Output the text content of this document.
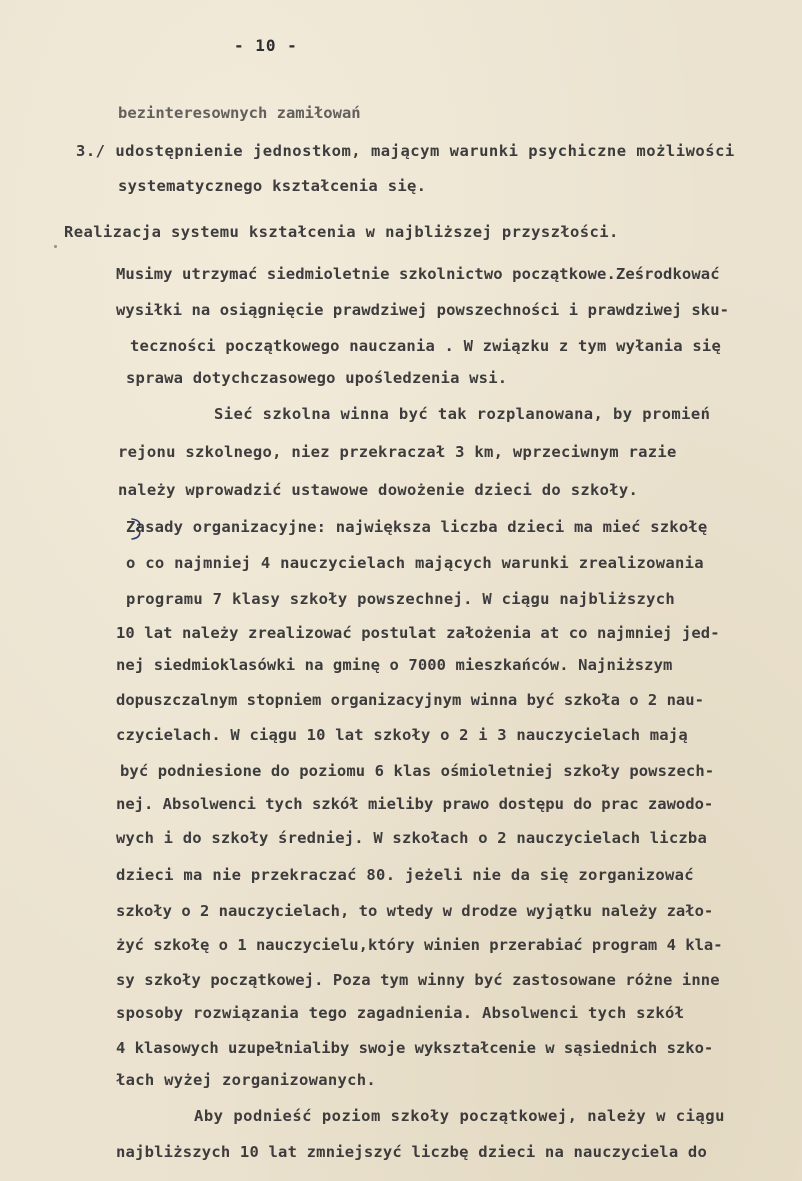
- 10 -
bezinteresownych zamiłowań
3./ udostępnienie jednostkom, mającym warunki psychiczne możliwości
systematycznego kształcenia się.
Realizacja systemu kształcenia w najbliższej przyszłości.
Musimy utrzymać siedmioletnie szkolnictwo początkowe.Ześrodkować
wysiłki na osiągnięcie prawdziwej powszechności i prawdziwej sku-
teczności początkowego nauczania . W związku z tym wyłania się
sprawa dotychczasowego upośledzenia wsi.
Sieć szkolna winna być tak rozplanowana, by promień
rejonu szkolnego, niez przekraczał 3 km, wprzeciwnym razie
należy wprowadzić ustawowe dowożenie dzieci do szkoły.
Zasady organizacyjne: największa liczba dzieci ma mieć szkołę
o co najmniej 4 nauczycielach mających warunki zrealizowania
programu 7 klasy szkoły powszechnej. W ciągu najbliższych
10 lat należy zrealizować postulat założenia at co najmniej jed-
nej siedmioklasówki na gminę o 7000 mieszkańców. Najniższym
dopuszczalnym stopniem organizacyjnym winna być szkoła o 2 nau-
czycielach. W ciągu 10 lat szkoły o 2 i 3 nauczycielach mają
być podniesione do poziomu 6 klas ośmioletniej szkoły powszech-
nej. Absolwenci tych szkół mieliby prawo dostępu do prac zawodo-
wych i do szkoły średniej. W szkołach o 2 nauczycielach liczba
dzieci ma nie przekraczać 80. jeżeli nie da się zorganizować
szkoły o 2 nauczycielach, to wtedy w drodze wyjątku należy zało-
żyć szkołę o 1 nauczycielu,który winien przerabiać program 4 kla-
sy szkoły początkowej. Poza tym winny być zastosowane różne inne
sposoby rozwiązania tego zagadnienia. Absolwenci tych szkół
4 klasowych uzupełnialiby swoje wykształcenie w sąsiednich szko-
łach wyżej zorganizowanych.
Aby podnieść poziom szkoły początkowej, należy w ciągu
najbliższych 10 lat zmniejszyć liczbę dzieci na nauczyciela do
